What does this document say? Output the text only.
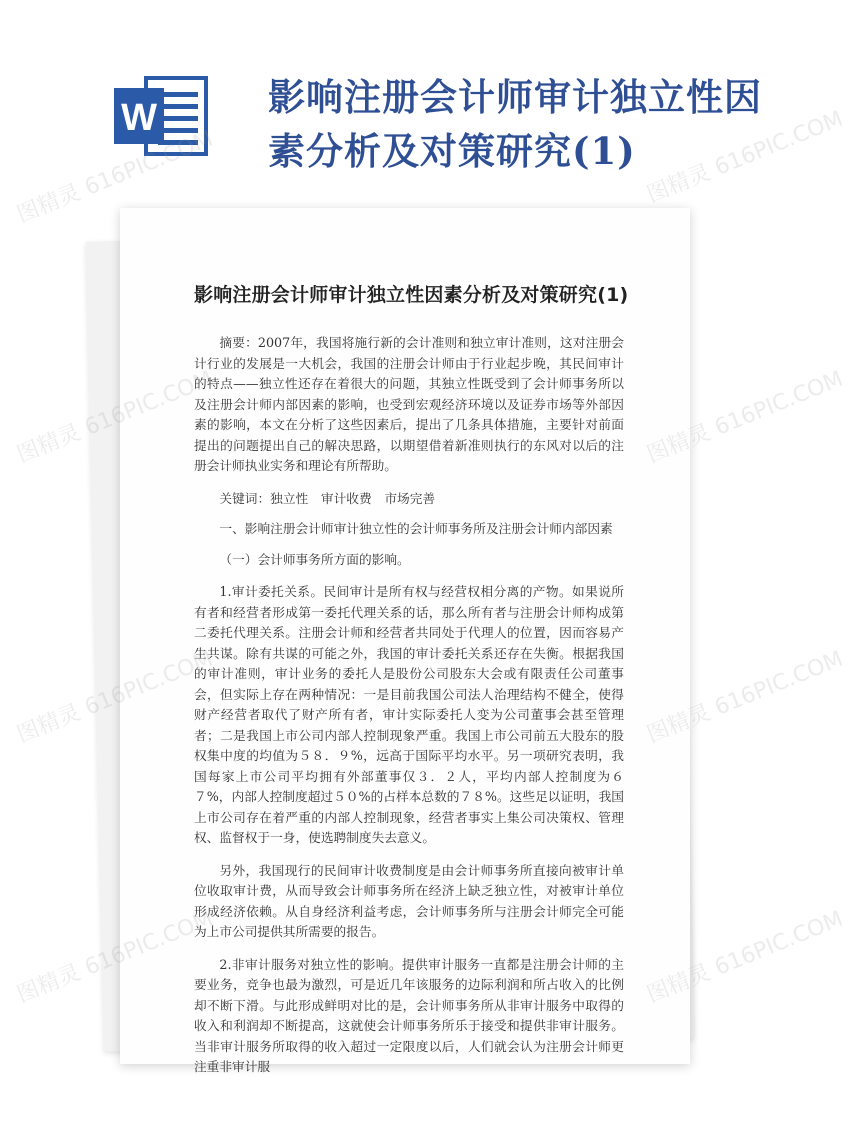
W	影响注册会计师审计独立性因素分析及对策研究(1)
影响注册会计师审计独立性因素分析及对策研究(1)

摘要：2007年，我国将施行新的会计准则和独立审计准则，这对注册会计行业的发展是一大机会，我国的注册会计师由于行业起步晚，其民间审计的特点——独立性还存在着很大的问题，其独立性既受到了会计师事务所以及注册会计师内部因素的影响，也受到宏观经济环境以及证券市场等外部因素的影响，本文在分析了这些因素后，提出了几条具体措施，主要针对前面提出的问题提出自己的解决思路，以期望借着新准则执行的东风对以后的注册会计师执业实务和理论有所帮助。

关键词：独立性　审计收费　市场完善

一、影响注册会计师审计独立性的会计师事务所及注册会计师内部因素

（一）会计师事务所方面的影响。

1.审计委托关系。民间审计是所有权与经营权相分离的产物。如果说所有者和经营者形成第一委托代理关系的话，那么所有者与注册会计师构成第二委托代理关系。注册会计师和经营者共同处于代理人的位置，因而容易产生共谋。除有共谋的可能之外，我国的审计委托关系还存在失衡。根据我国的审计准则，审计业务的委托人是股份公司股东大会或有限责任公司董事会，但实际上存在两种情况：一是目前我国公司法人治理结构不健全，使得财产经营者取代了财产所有者，审计实际委托人变为公司董事会甚至管理者；二是我国上市公司内部人控制现象严重。我国上市公司前五大股东的股权集中度的均值为５８．９%，远高于国际平均水平。另一项研究表明，我国每家上市公司平均拥有外部董事仅３．２人，平均内部人控制度为６７%，内部人控制度超过５０%的占样本总数的７８%。这些足以证明，我国上市公司存在着严重的内部人控制现象，经营者事实上集公司决策权、管理权、监督权于一身，使选聘制度失去意义。

另外，我国现行的民间审计收费制度是由会计师事务所直接向被审计单位收取审计费，从而导致会计师事务所在经济上缺乏独立性，对被审计单位形成经济依赖。从自身经济利益考虑，会计师事务所与注册会计师完全可能为上市公司提供其所需要的报告。

2.非审计服务对独立性的影响。提供审计服务一直都是注册会计师的主要业务，竞争也最为激烈，可是近几年该服务的边际利润和所占收入的比例却不断下滑。与此形成鲜明对比的是，会计师事务所从非审计服务中取得的收入和利润却不断提高，这就使会计师事务所乐于接受和提供非审计服务。当非审计服务所取得的收入超过一定限度以后，人们就会认为注册会计师更注重非审计服

图精灵	图精灵 616PIC.COM
图精灵	图精灵 616PIC.COM
图精灵	图精灵 616PIC.COM
